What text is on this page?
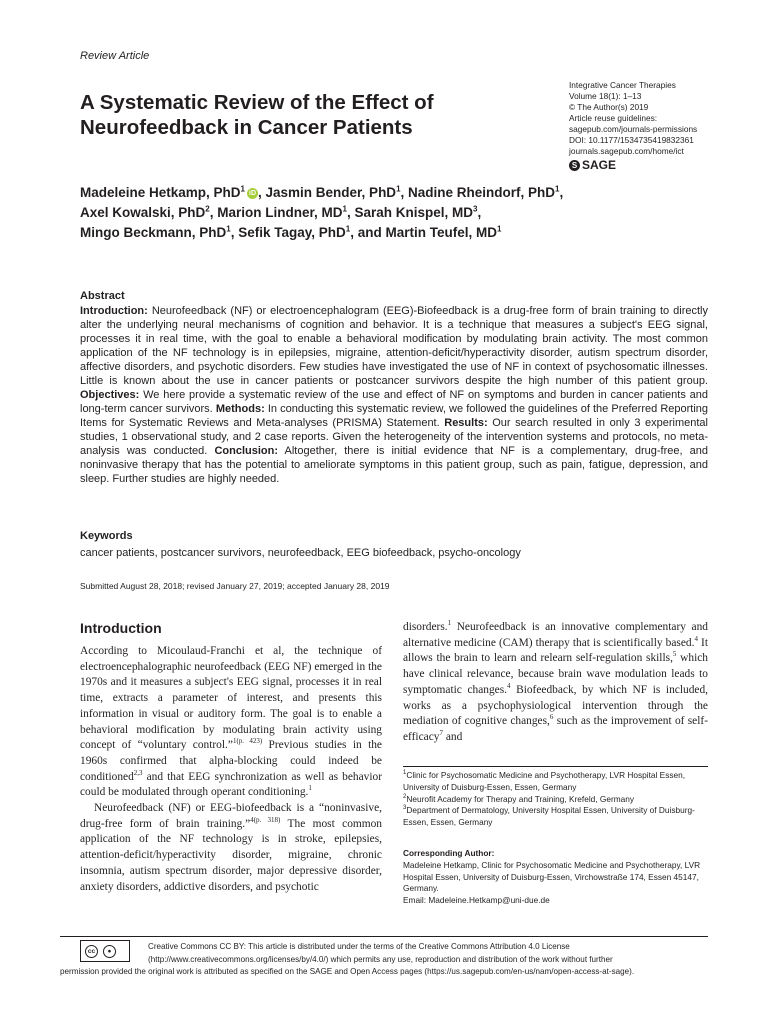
Review Article
A Systematic Review of the Effect of Neurofeedback in Cancer Patients
Integrative Cancer Therapies
Volume 18(1): 1–13
© The Author(s) 2019
Article reuse guidelines:
sagepub.com/journals-permissions
DOI: 10.1177/1534735419832361
journals.sagepub.com/home/ict
S SAGE
Madeleine Hetkamp, PhD$^1$ iD , Jasmin Bender, PhD$^1$, Nadine Rheindorf, PhD$^1$,
Axel Kowalski, PhD$^2$, Marion Lindner, $MD^1$, Sarah Knispel, $MD^3$,
Mingo Beckmann, PhD$^1$, Sefik Tagay, PhD$^1$, and Martin Teufel, $MD^1$
Abstract
Introduction: Neurofeedback (NF) or electroencephalogram (EEG)-Biofeedback is a drug-free form of brain training to directly alter the underlying neural mechanisms of cognition and behavior. It is a technique that measures a subject's EEG signal, processes it in real time, with the goal to enable a behavioral modification by modulating brain activity. The most common application of the NF technology is in epilepsies, migraine, attention-deficit/hyperactivity disorder, autism spectrum disorder, affective disorders, and psychotic disorders. Few studies have investigated the use of NF in context of psychosomatic illnesses. Little is known about the use in cancer patients or postcancer survivors despite the high number of this patient group. Objectives: We here provide a systematic review of the use and effect of NF on symptoms and burden in cancer patients and long-term cancer survivors. Methods: In conducting this systematic review, we followed the guidelines of the Preferred Reporting Items for Systematic Reviews and Meta-analyses (PRISMA) Statement. Results: Our search resulted in only 3 experimental studies, 1 observational study, and 2 case reports. Given the heterogeneity of the intervention systems and protocols, no meta-analysis was conducted. Conclusion: Altogether, there is initial evidence that NF is a complementary, drug-free, and noninvasive therapy that has the potential to ameliorate symptoms in this patient group, such as pain, fatigue, depression, and sleep. Further studies are highly needed.
Keywords
cancer patients, postcancer survivors, neurofeedback, EEG biofeedback, psycho-oncology
Submitted August 28, 2018; revised January 27, 2019; accepted January 28, 2019
Introduction

According to Micoulaud-Franchi et al, the technique of electroencephalographic neurofeedback (EEG NF) emerged in the 1970s and it measures a subject's EEG signal, processes it in real time, extracts a parameter of interest, and presents this information in visual or auditory form. The goal is to enable a behavioral modification by modulating brain activity using concept of “voluntary control.”$^{1(p. 423)}$ Previous studies in the 1960s confirmed that alpha-blocking could indeed be conditioned$^{2,3}$ and that EEG synchronization as well as behavior could be modulated through operant conditioning.$^1$

Neurofeedback (NF) or EEG-biofeedback is a “noninvasive, drug-free form of brain training.”$^{4(p. 318)}$ The most common application of the NF technology is in stroke, epilepsies, attention-deficit/hyperactivity disorder, migraine, chronic insomnia, autism spectrum disorder, major depressive disorder, anxiety disorders, addictive disorders, and psychotic

disorders.$^1$ Neurofeedback is an innovative complementary and alternative medicine (CAM) therapy that is scientifically based.$^4$ It allows the brain to learn and relearn self-regulation skills,$^5$ which have clinical relevance, because brain wave modulation leads to symptomatic changes.$^4$ Biofeedback, by which NF is included, works as a psychophysiological intervention through the mediation of cognitive changes,$^6$ such as the improvement of self-efficacy$^7$ and
$^1$Clinic for Psychosomatic Medicine and Psychotherapy, LVR Hospital Essen, University of Duisburg-Essen, Essen, Germany
$^2$Neurofit Academy for Therapy and Training, Krefeld, Germany
$^3$Department of Dermatology, University Hospital Essen, University of Duisburg-Essen, Essen, Germany
Corresponding Author:
Madeleine Hetkamp, Clinic for Psychosomatic Medicine and Psychotherapy, LVR Hospital Essen, University of Duisburg-Essen, Virchowstraße 174, Essen 45147, Germany.
Email: Madeleine.Hetkamp@uni-due.de
cc	●	Creative Commons CC BY: This article is distributed under the terms of the Creative Commons Attribution 4.0 License
(http://www.creativecommons.org/licenses/by/4.0/) which permits any use, reproduction and distribution of the work without further
permission provided the original work is attributed as specified on the SAGE and Open Access pages (https://us.sagepub.com/en-us/nam/open-access-at-sage).
